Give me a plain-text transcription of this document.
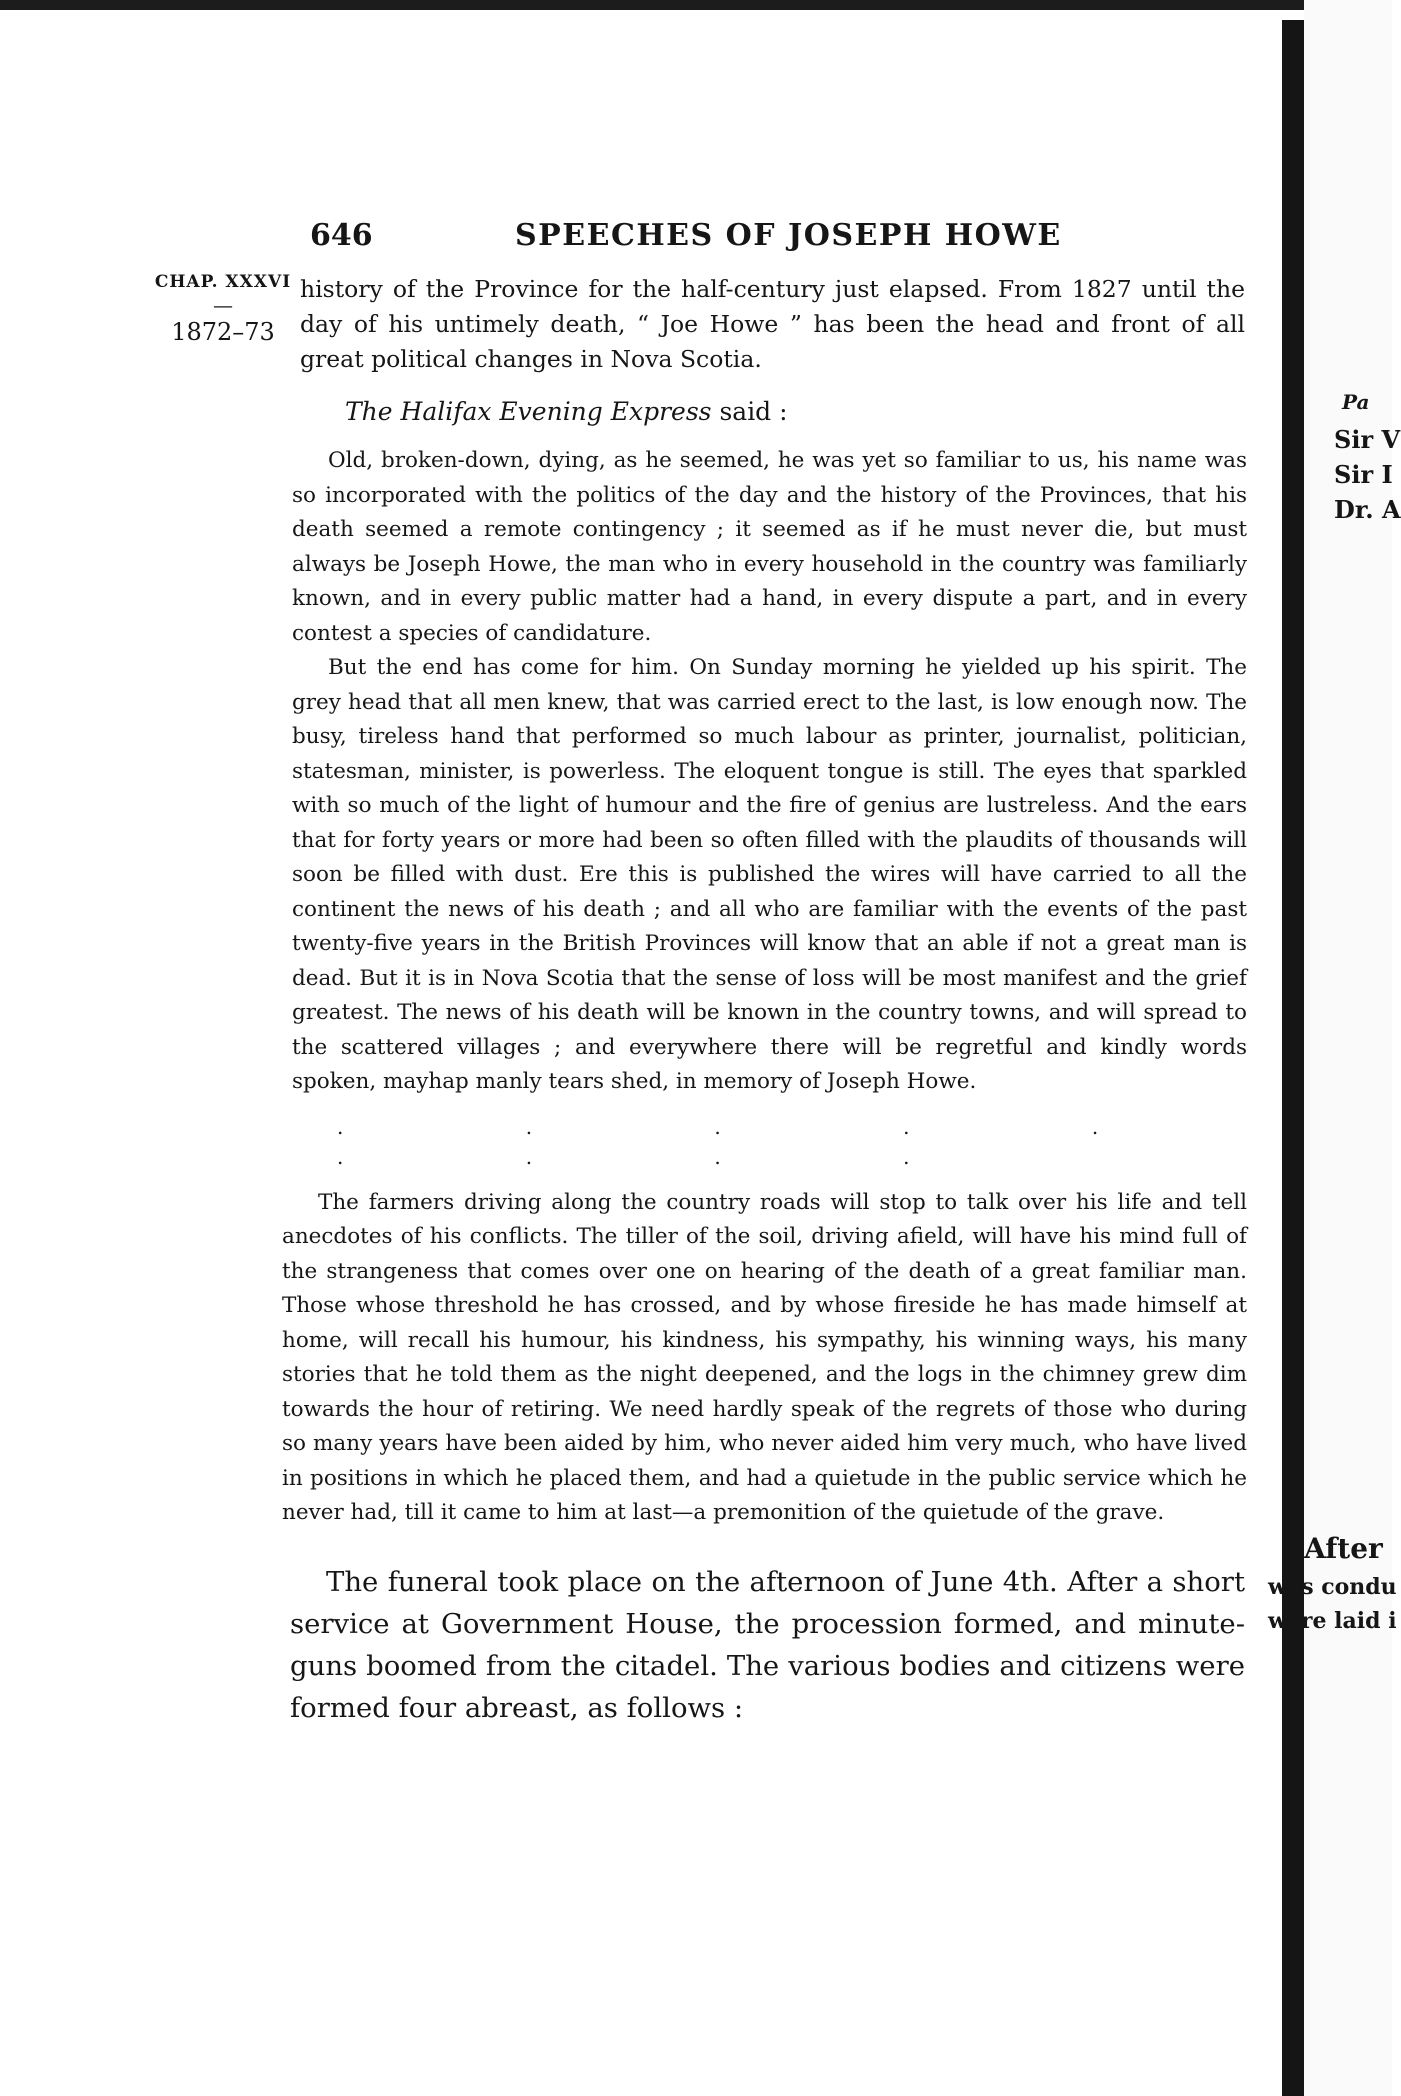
646	SPEECHES OF JOSEPH HOWE
CHAP. XXXVI
—
1872–73

history of the Province for the half-century just elapsed. From 1827 until the day of his untimely death, “ Joe Howe ” has been the head and front of all great political changes in Nova Scotia.

The Halifax Evening Express said :

Old, broken-down, dying, as he seemed, he was yet so familiar to us, his name was so incorporated with the politics of the day and the history of the Provinces, that his death seemed a remote contingency ; it seemed as if he must never die, but must always be Joseph Howe, the man who in every household in the country was familiarly known, and in every public matter had a hand, in every dispute a part, and in every contest a species of candidature.

But the end has come for him. On Sunday morning he yielded up his spirit. The grey head that all men knew, that was carried erect to the last, is low enough now. The busy, tireless hand that performed so much labour as printer, journalist, politician, statesman, minister, is powerless. The eloquent tongue is still. The eyes that sparkled with so much of the light of humour and the fire of genius are lustreless. And the ears that for forty years or more had been so often filled with the plaudits of thousands will soon be filled with dust. Ere this is published the wires will have carried to all the continent the news of his death ; and all who are familiar with the events of the past twenty-five years in the British Provinces will know that an able if not a great man is dead. But it is in Nova Scotia that the sense of loss will be most manifest and the grief greatest. The news of his death will be known in the country towns, and will spread to the scattered villages ; and everywhere there will be regretful and kindly words spoken, mayhap manly tears shed, in memory of Joseph Howe.

. . . . . . . . .

The farmers driving along the country roads will stop to talk over his life and tell anecdotes of his conflicts. The tiller of the soil, driving afield, will have his mind full of the strangeness that comes over one on hearing of the death of a great familiar man. Those whose threshold he has crossed, and by whose fireside he has made himself at home, will recall his humour, his kindness, his sympathy, his winning ways, his many stories that he told them as the night deepened, and the logs in the chimney grew dim towards the hour of retiring. We need hardly speak of the regrets of those who during so many years have been aided by him, who never aided him very much, who have lived in positions in which he placed them, and had a quietude in the public service which he never had, till it came to him at last—a premonition of the quietude of the grave.

The funeral took place on the afternoon of June 4th. After a short service at Government House, the procession formed, and minute-guns boomed from the citadel. The various bodies and citizens were formed four abreast, as follows :

Pa
Sir V
Sir I
Dr. A
After
was condu
were laid i
